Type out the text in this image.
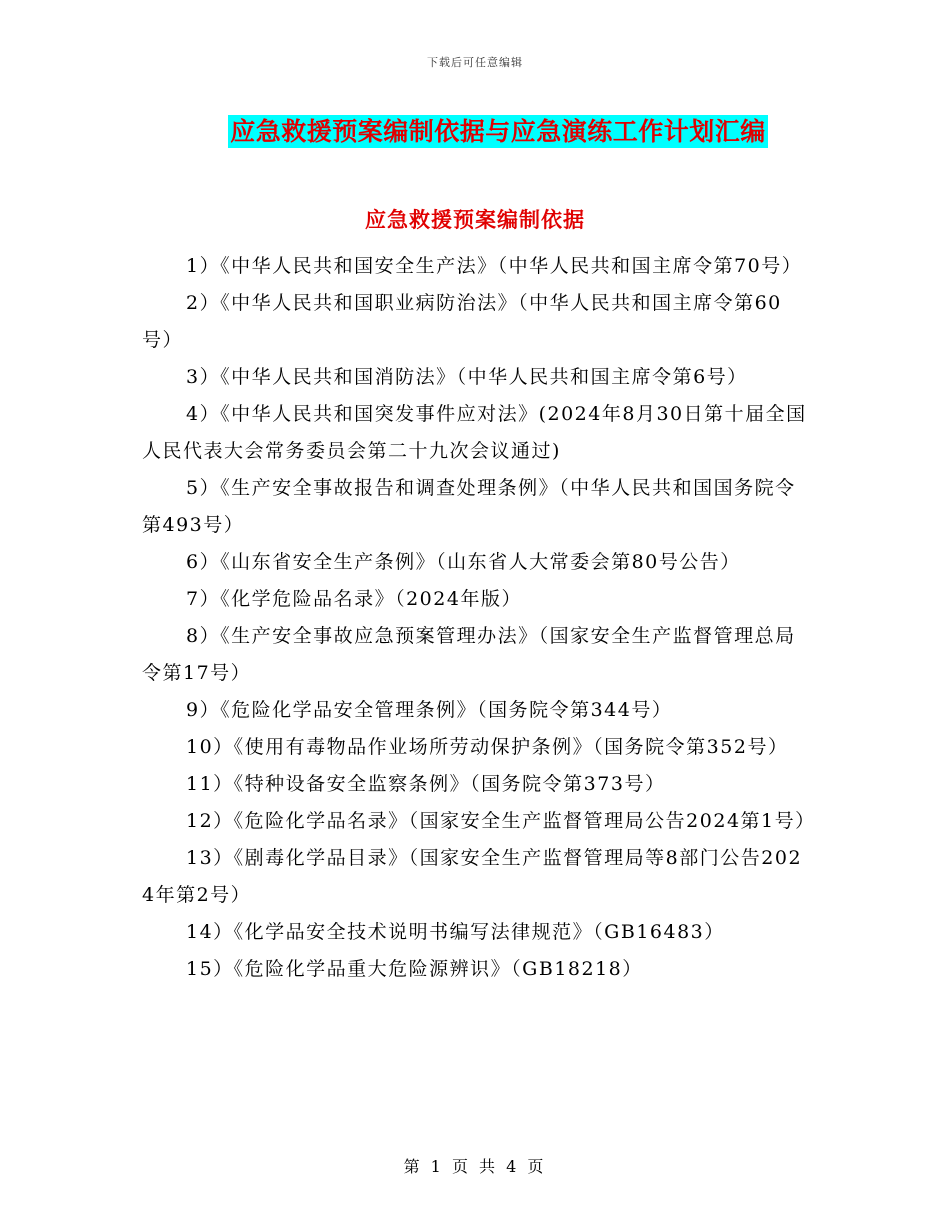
下载后可任意编辑
应急救援预案编制依据与应急演练工作计划汇编
应急救援预案编制依据

1）《中华人民共和国安全生产法》（中华人民共和国主席令第70号）

2）《中华人民共和国职业病防治法》（中华人民共和国主席令第60号）

3）《中华人民共和国消防法》（中华人民共和国主席令第6号）

4）《中华人民共和国突发事件应对法》(2024年8月30日第十届全国人民代表大会常务委员会第二十九次会议通过)

5）《生产安全事故报告和调查处理条例》（中华人民共和国国务院令第493号）

6）《山东省安全生产条例》（山东省人大常委会第80号公告）

7）《化学危险品名录》（2024年版）

8）《生产安全事故应急预案管理办法》（国家安全生产监督管理总局令第17号）

9）《危险化学品安全管理条例》（国务院令第344号）

10）《使用有毒物品作业场所劳动保护条例》（国务院令第352号）

11）《特种设备安全监察条例》（国务院令第373号）

12）《危险化学品名录》（国家安全生产监督管理局公告2024第1号）

13）《剧毒化学品目录》（国家安全生产监督管理局等8部门公告2024年第2号）

14）《化学品安全技术说明书编写法律规范》（GB16483）

15）《危险化学品重大危险源辨识》（GB18218）

第 1 页 共 4 页
